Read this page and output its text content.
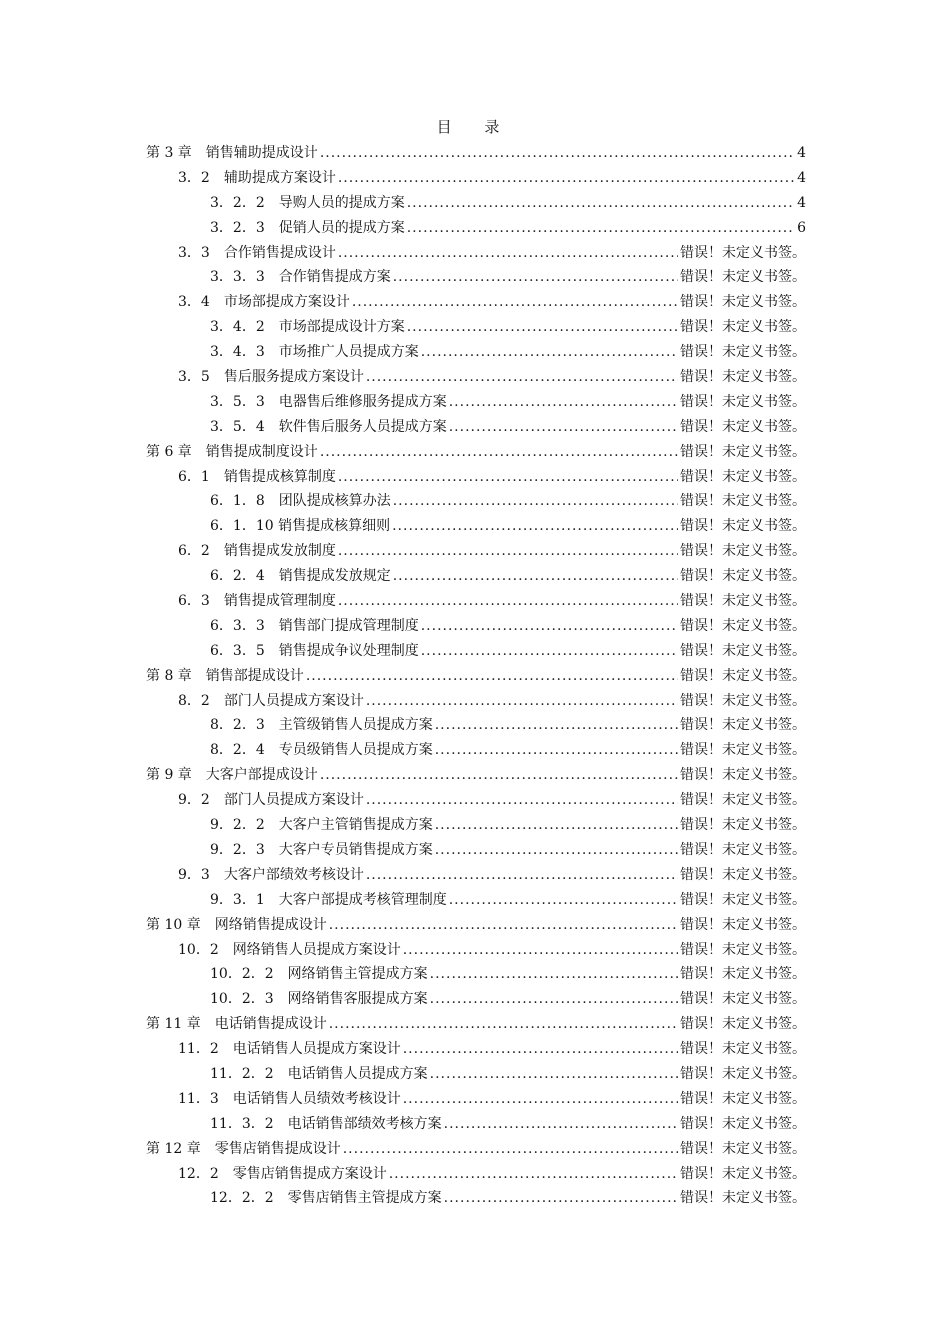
目 录
第 3 章　销售辅助提成设计 .....	4
3．2　辅助提成方案设计 .....	4
3．2．2　导购人员的提成方案 .....	4
3．2．3　促销人员的提成方案 .....	6
3．3　合作销售提成设计 .....	错误！未定义书签。
3．3．3　合作销售提成方案 .....	错误！未定义书签。
3．4　市场部提成方案设计 .....	错误！未定义书签。
3．4．2　市场部提成设计方案 .....	错误！未定义书签。
3．4．3　市场推广人员提成方案 .....	错误！未定义书签。
3．5　售后服务提成方案设计 .....	错误！未定义书签。
3．5．3　电器售后维修服务提成方案 .....	错误！未定义书签。
3．5．4　软件售后服务人员提成方案 .....	错误！未定义书签。
第 6 章　销售提成制度设计 .....	错误！未定义书签。
6．1　销售提成核算制度 .....	错误！未定义书签。
6．1．8　团队提成核算办法 .....	错误！未定义书签。
6．1．10 销售提成核算细则 .....	错误！未定义书签。
6．2　销售提成发放制度 .....	错误！未定义书签。
6．2．4　销售提成发放规定 .....	错误！未定义书签。
6．3　销售提成管理制度 .....	错误！未定义书签。
6．3．3　销售部门提成管理制度 .....	错误！未定义书签。
6．3．5　销售提成争议处理制度 .....	错误！未定义书签。
第 8 章　销售部提成设计 .....	错误！未定义书签。
8．2　部门人员提成方案设计 .....	错误！未定义书签。
8．2．3　主管级销售人员提成方案 .....	错误！未定义书签。
8．2．4　专员级销售人员提成方案 .....	错误！未定义书签。
第 9 章　大客户部提成设计 .....	错误！未定义书签。
9．2　部门人员提成方案设计 .....	错误！未定义书签。
9．2．2　大客户主管销售提成方案 .....	错误！未定义书签。
9．2．3　大客户专员销售提成方案 .....	错误！未定义书签。
9．3　大客户部绩效考核设计 .....	错误！未定义书签。
9．3．1　大客户部提成考核管理制度 .....	错误！未定义书签。
第 10 章　网络销售提成设计 .....	错误！未定义书签。
10．2　网络销售人员提成方案设计 .....	错误！未定义书签。
10．2．2　网络销售主管提成方案 .....	错误！未定义书签。
10．2．3　网络销售客服提成方案 .....	错误！未定义书签。
第 11 章　电话销售提成设计 .....	错误！未定义书签。
11．2　电话销售人员提成方案设计 .....	错误！未定义书签。
11．2．2　电话销售人员提成方案 .....	错误！未定义书签。
11．3　电话销售人员绩效考核设计 .....	错误！未定义书签。
11．3．2　电话销售部绩效考核方案 .....	错误！未定义书签。
第 12 章　零售店销售提成设计 .....	错误！未定义书签。
12．2　零售店销售提成方案设计 .....	错误！未定义书签。
12．2．2　零售店销售主管提成方案 .....	错误！未定义书签。
